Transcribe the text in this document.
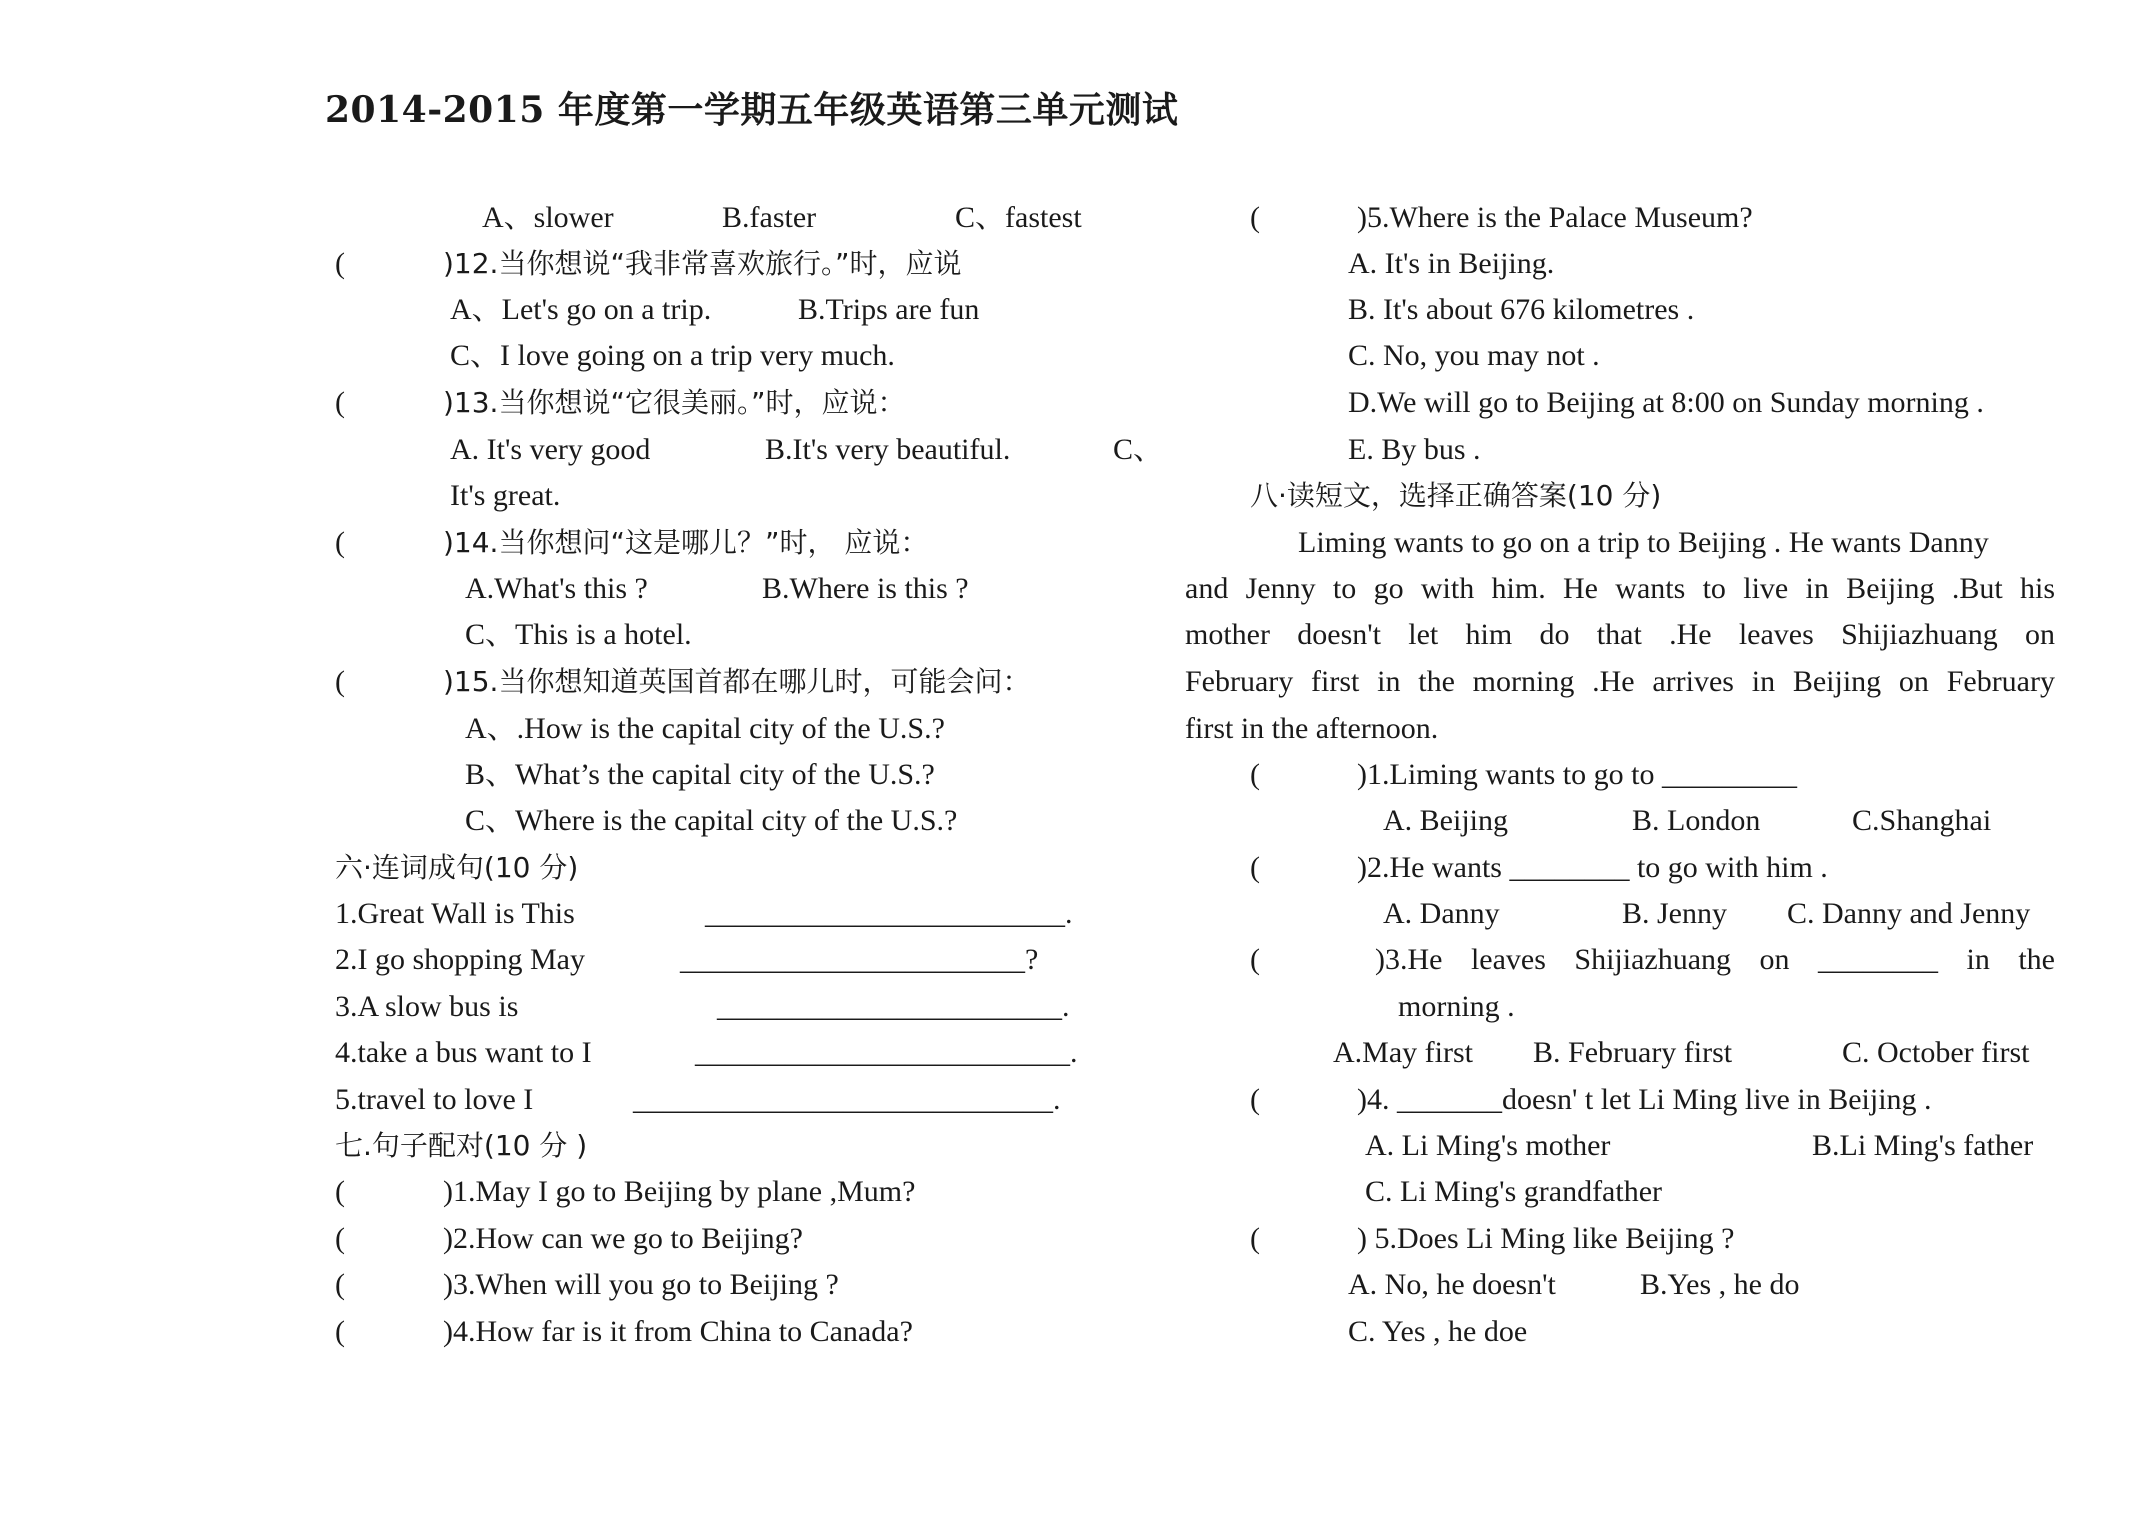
2014-2015 年度第一学期五年级英语第三单元测试
A、slower	B.faster	C、fastest
(	)12.当你想说“我非常喜欢旅行。”时，应说
A、Let's go on a trip.	B.Trips are fun
C、I love going on a trip very much.
(	)13.当你想说“它很美丽。”时，应说：
A. It's very good	B.It's very beautiful.	C、
It's great.
(	)14.当你想问“这是哪儿？”时， 应说：
A.What's this ?	B.Where is this ?
C、This is a hotel.
(	)15.当你想知道英国首都在哪儿时，可能会问：
A、.How is the capital city of the U.S.?
B、What’s the capital city of the U.S.?
C、Where is the capital city of the U.S.?
六·连词成句(10 分)
1.Great Wall is This	________________________.
2.I go shopping May	_______________________?
3.A slow bus is	_______________________.
4.take a bus want to I	_________________________.
5.travel to love I	____________________________.
七.句子配对(10 分 )
(	)1.May I go to Beijing by plane ,Mum?
(	)2.How can we go to Beijing?
(	)3.When will you go to Beijing ?
(	)4.How far is it from China to Canada?
(	)5.Where is the Palace Museum?
A. It's in Beijing.
B. It's about 676 kilometres .
C. No, you may not .
D.We will go to Beijing at 8:00 on Sunday morning .
E. By bus .
八·读短文，选择正确答案(10 分)
Liming wants to go on a trip to Beijing . He wants Danny
and Jenny to go with him. He wants to live in Beijing .But his
mother doesn't let him do that .He leaves Shijiazhuang on
February first in the morning .He arrives in Beijing on February
first in the afternoon.
(	)1.Liming wants to go to _________
A. Beijing	B. London	C.Shanghai
(	)2.He wants ________ to go with him .
A. Danny	B. Jenny C. Danny and Jenny
(	)3.He leaves Shijiazhuang on ________ in the
morning .
A.May first B. February first	C. October first
(	)4. _______doesn' t let Li Ming live in Beijing .
A. Li Ming's mother	B.Li Ming's father
C. Li Ming's grandfather
(	) 5.Does Li Ming like Beijing ?
A. No, he doesn't	B.Yes , he do
C. Yes , he doe
